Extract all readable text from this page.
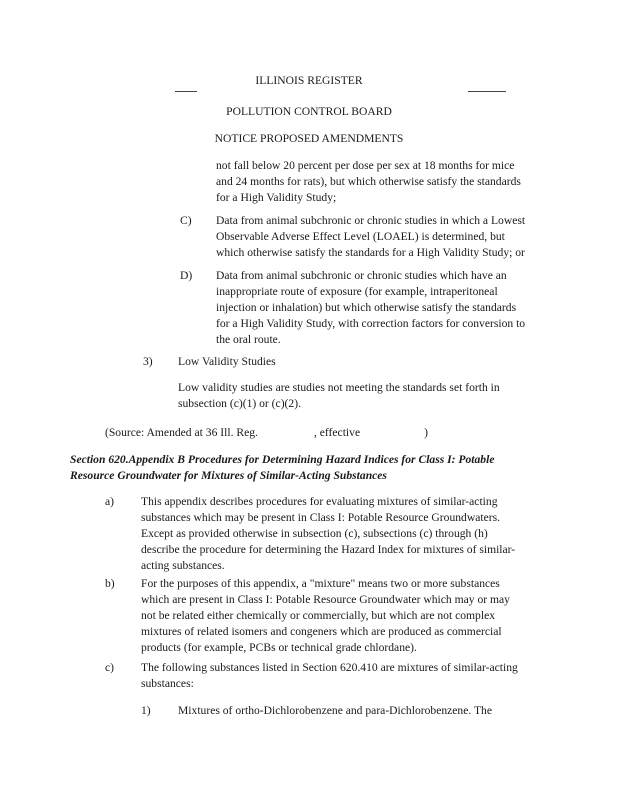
ILLINOIS REGISTER
POLLUTION CONTROL BOARD
NOTICE PROPOSED AMENDMENTS
not fall below 20 percent per dose per sex at 18 months for mice
and 24 months for rats), but which otherwise satisfy the standards
for a High Validity Study;
C) Data from animal subchronic or chronic studies in which a Lowest
Observable Adverse Effect Level (LOAEL) is determined, but
which otherwise satisfy the standards for a High Validity Study; or
D) Data from animal subchronic or chronic studies which have an
inappropriate route of exposure (for example, intraperitoneal
injection or inhalation) but which otherwise satisfy the standards
for a High Validity Study, with correction factors for conversion to
the oral route.
3) Low Validity Studies
Low validity studies are studies not meeting the standards set forth in
subsection (c)(1) or (c)(2).
(Source: Amended at 36 Ill. Reg.	, effective	)
Section 620.Appendix B Procedures for Determining Hazard Indices for Class I: Potable
Resource Groundwater for Mixtures of Similar-Acting Substances
a) This appendix describes procedures for evaluating mixtures of similar-acting
substances which may be present in Class I: Potable Resource Groundwaters.
Except as provided otherwise in subsection (c), subsections (c) through (h)
describe the procedure for determining the Hazard Index for mixtures of similar-
acting substances.
b) For the purposes of this appendix, a "mixture" means two or more substances
which are present in Class I: Potable Resource Groundwater which may or may
not be related either chemically or commercially, but which are not complex
mixtures of related isomers and congeners which are produced as commercial
products (for example, PCBs or technical grade chlordane).
c) The following substances listed in Section 620.410 are mixtures of similar-acting
substances:
1) Mixtures of ortho-Dichlorobenzene and para-Dichlorobenzene. The
